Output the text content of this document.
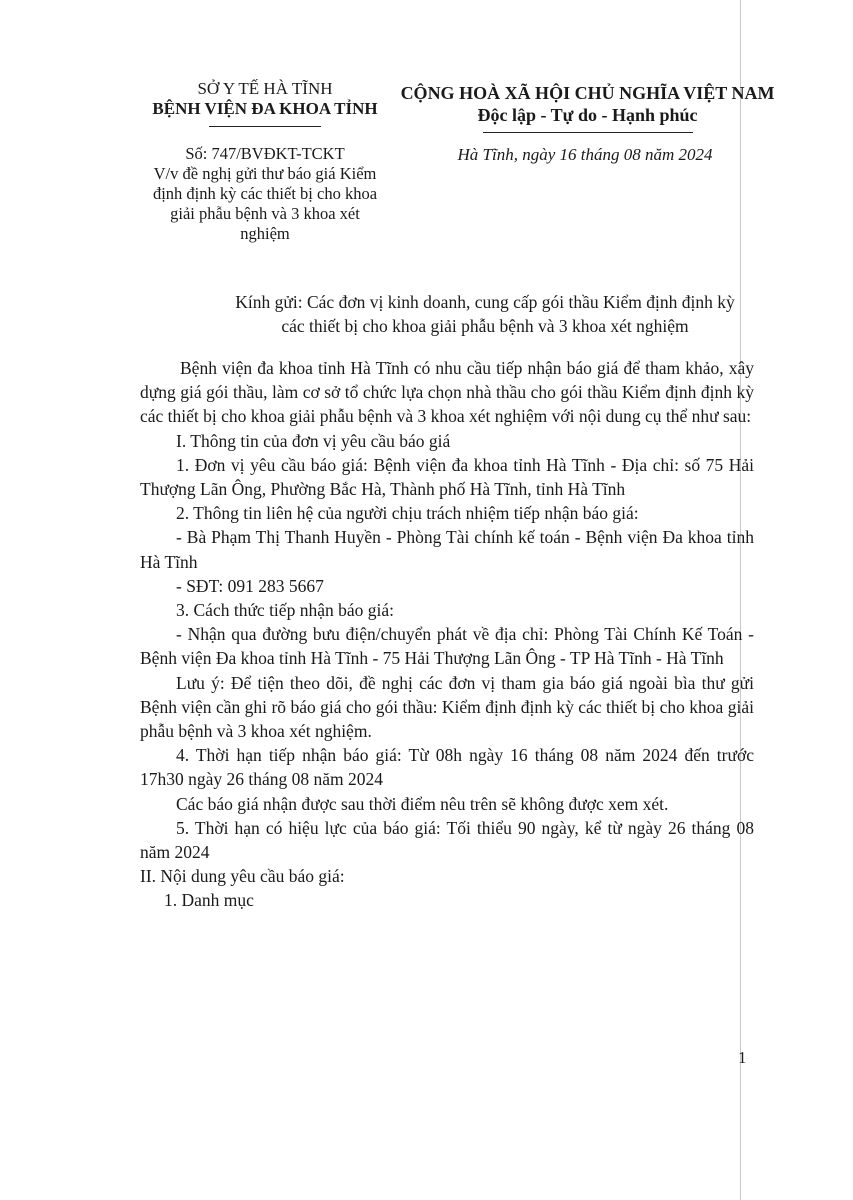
SỞ Y TẾ HÀ TĨNH
BỆNH VIỆN ĐA KHOA TỈNH
CỘNG HOÀ XÃ HỘI CHỦ NGHĨA VIỆT NAM
Độc lập - Tự do - Hạnh phúc
Số: 747/BVĐKT-TCKT
V/v đề nghị gửi thư báo giá Kiểm
định định kỳ các thiết bị cho khoa
giải phẫu bệnh và 3 khoa xét
nghiệm
Hà Tĩnh, ngày 16 tháng 08 năm 2024
Kính gửi: Các đơn vị kinh doanh, cung cấp gói thầu Kiểm định định kỳ
các thiết bị cho khoa giải phẫu bệnh và 3 khoa xét nghiệm

Bệnh viện đa khoa tỉnh Hà Tĩnh có nhu cầu tiếp nhận báo giá để tham khảo, xây dựng giá gói thầu, làm cơ sở tổ chức lựa chọn nhà thầu cho gói thầu Kiểm định định kỳ các thiết bị cho khoa giải phẫu bệnh và 3 khoa xét nghiệm với nội dung cụ thể như sau:

I. Thông tin của đơn vị yêu cầu báo giá

1. Đơn vị yêu cầu báo giá: Bệnh viện đa khoa tỉnh Hà Tĩnh - Địa chỉ: số 75 Hải Thượng Lãn Ông, Phường Bắc Hà, Thành phố Hà Tĩnh, tỉnh Hà Tĩnh

2. Thông tin liên hệ của người chịu trách nhiệm tiếp nhận báo giá:

- Bà Phạm Thị Thanh Huyền - Phòng Tài chính kế toán - Bệnh viện Đa khoa tỉnh Hà Tĩnh

- SĐT: 091 283 5667

3. Cách thức tiếp nhận báo giá:

- Nhận qua đường bưu điện/chuyển phát về địa chỉ: Phòng Tài Chính Kế Toán - Bệnh viện Đa khoa tỉnh Hà Tĩnh - 75 Hải Thượng Lãn Ông - TP Hà Tĩnh - Hà Tĩnh

Lưu ý: Để tiện theo dõi, đề nghị các đơn vị tham gia báo giá ngoài bìa thư gửi Bệnh viện cần ghi rõ báo giá cho gói thầu: Kiểm định định kỳ các thiết bị cho khoa giải phẫu bệnh và 3 khoa xét nghiệm.

4. Thời hạn tiếp nhận báo giá: Từ 08h ngày 16 tháng 08 năm 2024 đến trước 17h30 ngày 26 tháng 08 năm 2024

Các báo giá nhận được sau thời điểm nêu trên sẽ không được xem xét.

5. Thời hạn có hiệu lực của báo giá: Tối thiểu 90 ngày, kể từ ngày 26 tháng 08 năm 2024

II. Nội dung yêu cầu báo giá:

1. Danh mục

1
